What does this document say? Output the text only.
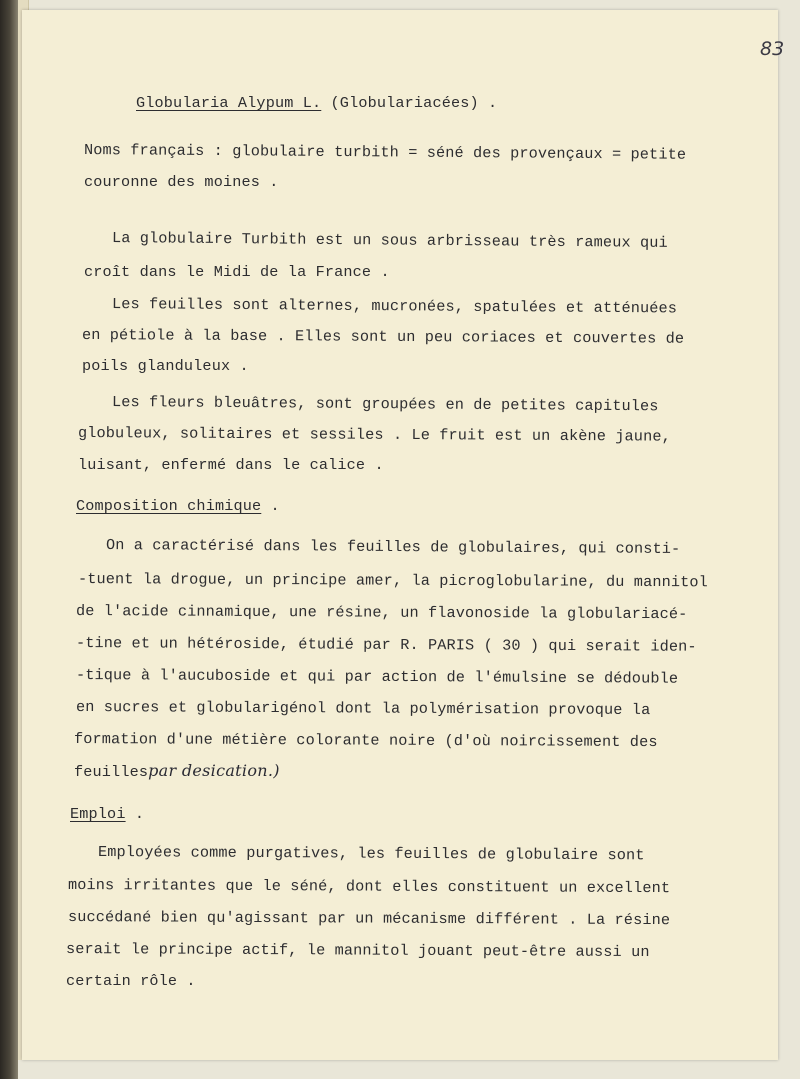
83
Globularia Alypum L. (Globulariacées) .
Noms français : globulaire turbith = séné des provençaux = petite
couronne des moines .
La globulaire Turbith est un sous arbrisseau très rameux qui
croît dans le Midi de la France .
Les feuilles sont alternes, mucronées, spatulées et atténuées
en pétiole à la base . Elles sont un peu coriaces et couvertes de
poils glanduleux .
Les fleurs bleuâtres, sont groupées en de petites capitules
globuleux, solitaires et sessiles . Le fruit est un akène jaune,
luisant, enfermé dans le calice .
Composition chimique .
On a caractérisé dans les feuilles de globulaires, qui consti-
-tuent la drogue, un principe amer, la picroglobularine, du mannitol
de l'acide cinnamique, une résine, un flavonoside la globulariacé-
-tine et un hétéroside, étudié par R. PARIS ( 30 ) qui serait iden-
-tique à l'aucuboside et qui par action de l'émulsine se dédouble
en sucres et globularigénol dont la polymérisation provoque la
formation d'une métière colorante noire (d'où noircissement des
feuillespar desication.)
Emploi .
Employées comme purgatives, les feuilles de globulaire sont
moins irritantes que le séné, dont elles constituent un excellent
succédané bien qu'agissant par un mécanisme différent . La résine
serait le principe actif, le mannitol jouant peut-être aussi un
certain rôle .
